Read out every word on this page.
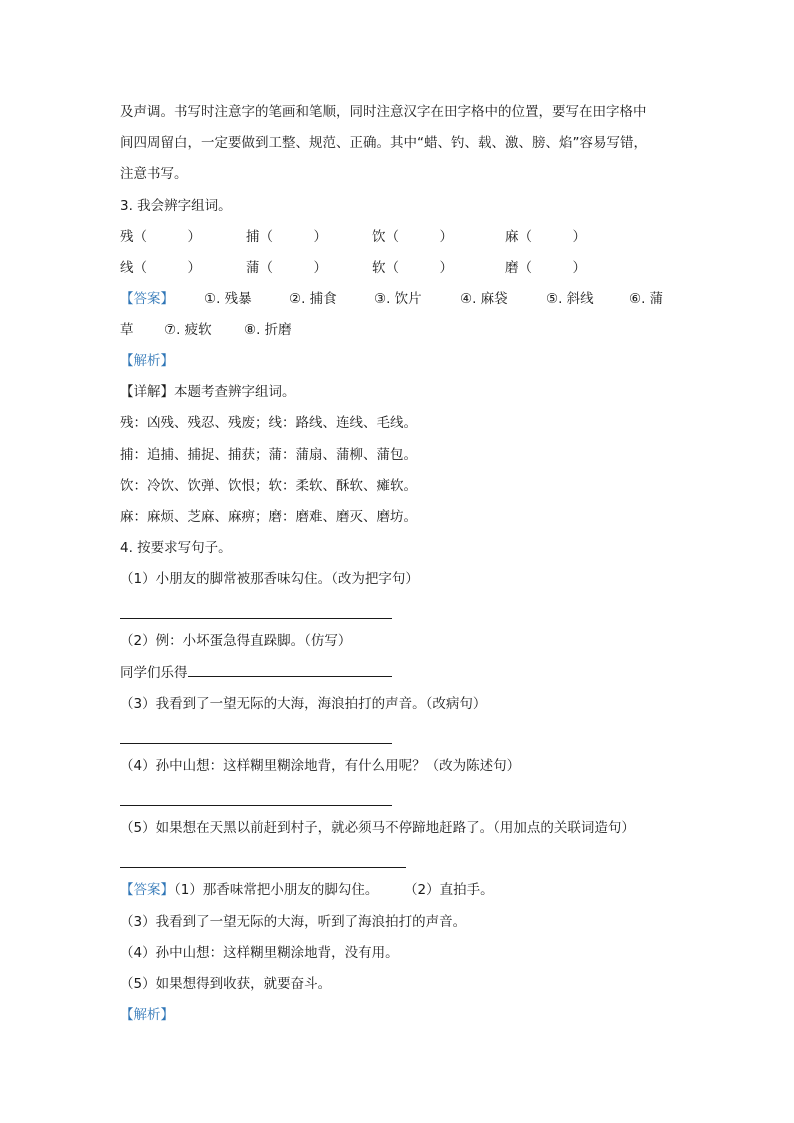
及声调。书写时注意字的笔画和笔顺，同时注意汉字在田字格中的位置，要写在田字格中
间四周留白，一定要做到工整、规范、正确。其中“蜡、钓、载、激、膀、焰”容易写错，
注意书写。
3. 我会辨字组词。
残（　　　）	捕（　　　）	饮（　　　）	麻（　　　）
线（　　　）	蒲（　　　）	软（　　　）	磨（　　　）
【答案】 ①. 残暴	②. 捕食	③. 饮片	④. 麻袋	⑤. 斜线	⑥. 蒲
草 ⑦. 疲软 ⑧. 折磨
【解析】
【详解】本题考查辨字组词。
残：凶残、残忍、残废；线：路线、连线、毛线。
捕：追捕、捕捉、捕获；蒲：蒲扇、蒲柳、蒲包。
饮：冷饮、饮弹、饮恨；软：柔软、酥软、瘫软。
麻：麻烦、芝麻、麻痹；磨：磨难、磨灭、磨坊。
4. 按要求写句子。
（1）小朋友的脚常被那香味勾住。（改为把字句）
（2）例：小坏蛋急得直跺脚。（仿写）
同学们乐得
（3）我看到了一望无际的大海，海浪拍打的声音。（改病句）
（4）孙中山想：这样糊里糊涂地背，有什么用呢？（改为陈述句）
（5）如果想在天黑以前赶到村子，就必须马不停蹄地赶路了。（用加点的关联词造句）
【答案】（1）那香味常把小朋友的脚勾住。 （2）直拍手。
（3）我看到了一望无际的大海，听到了海浪拍打的声音。
（4）孙中山想：这样糊里糊涂地背，没有用。
（5）如果想得到收获，就要奋斗。
【解析】
